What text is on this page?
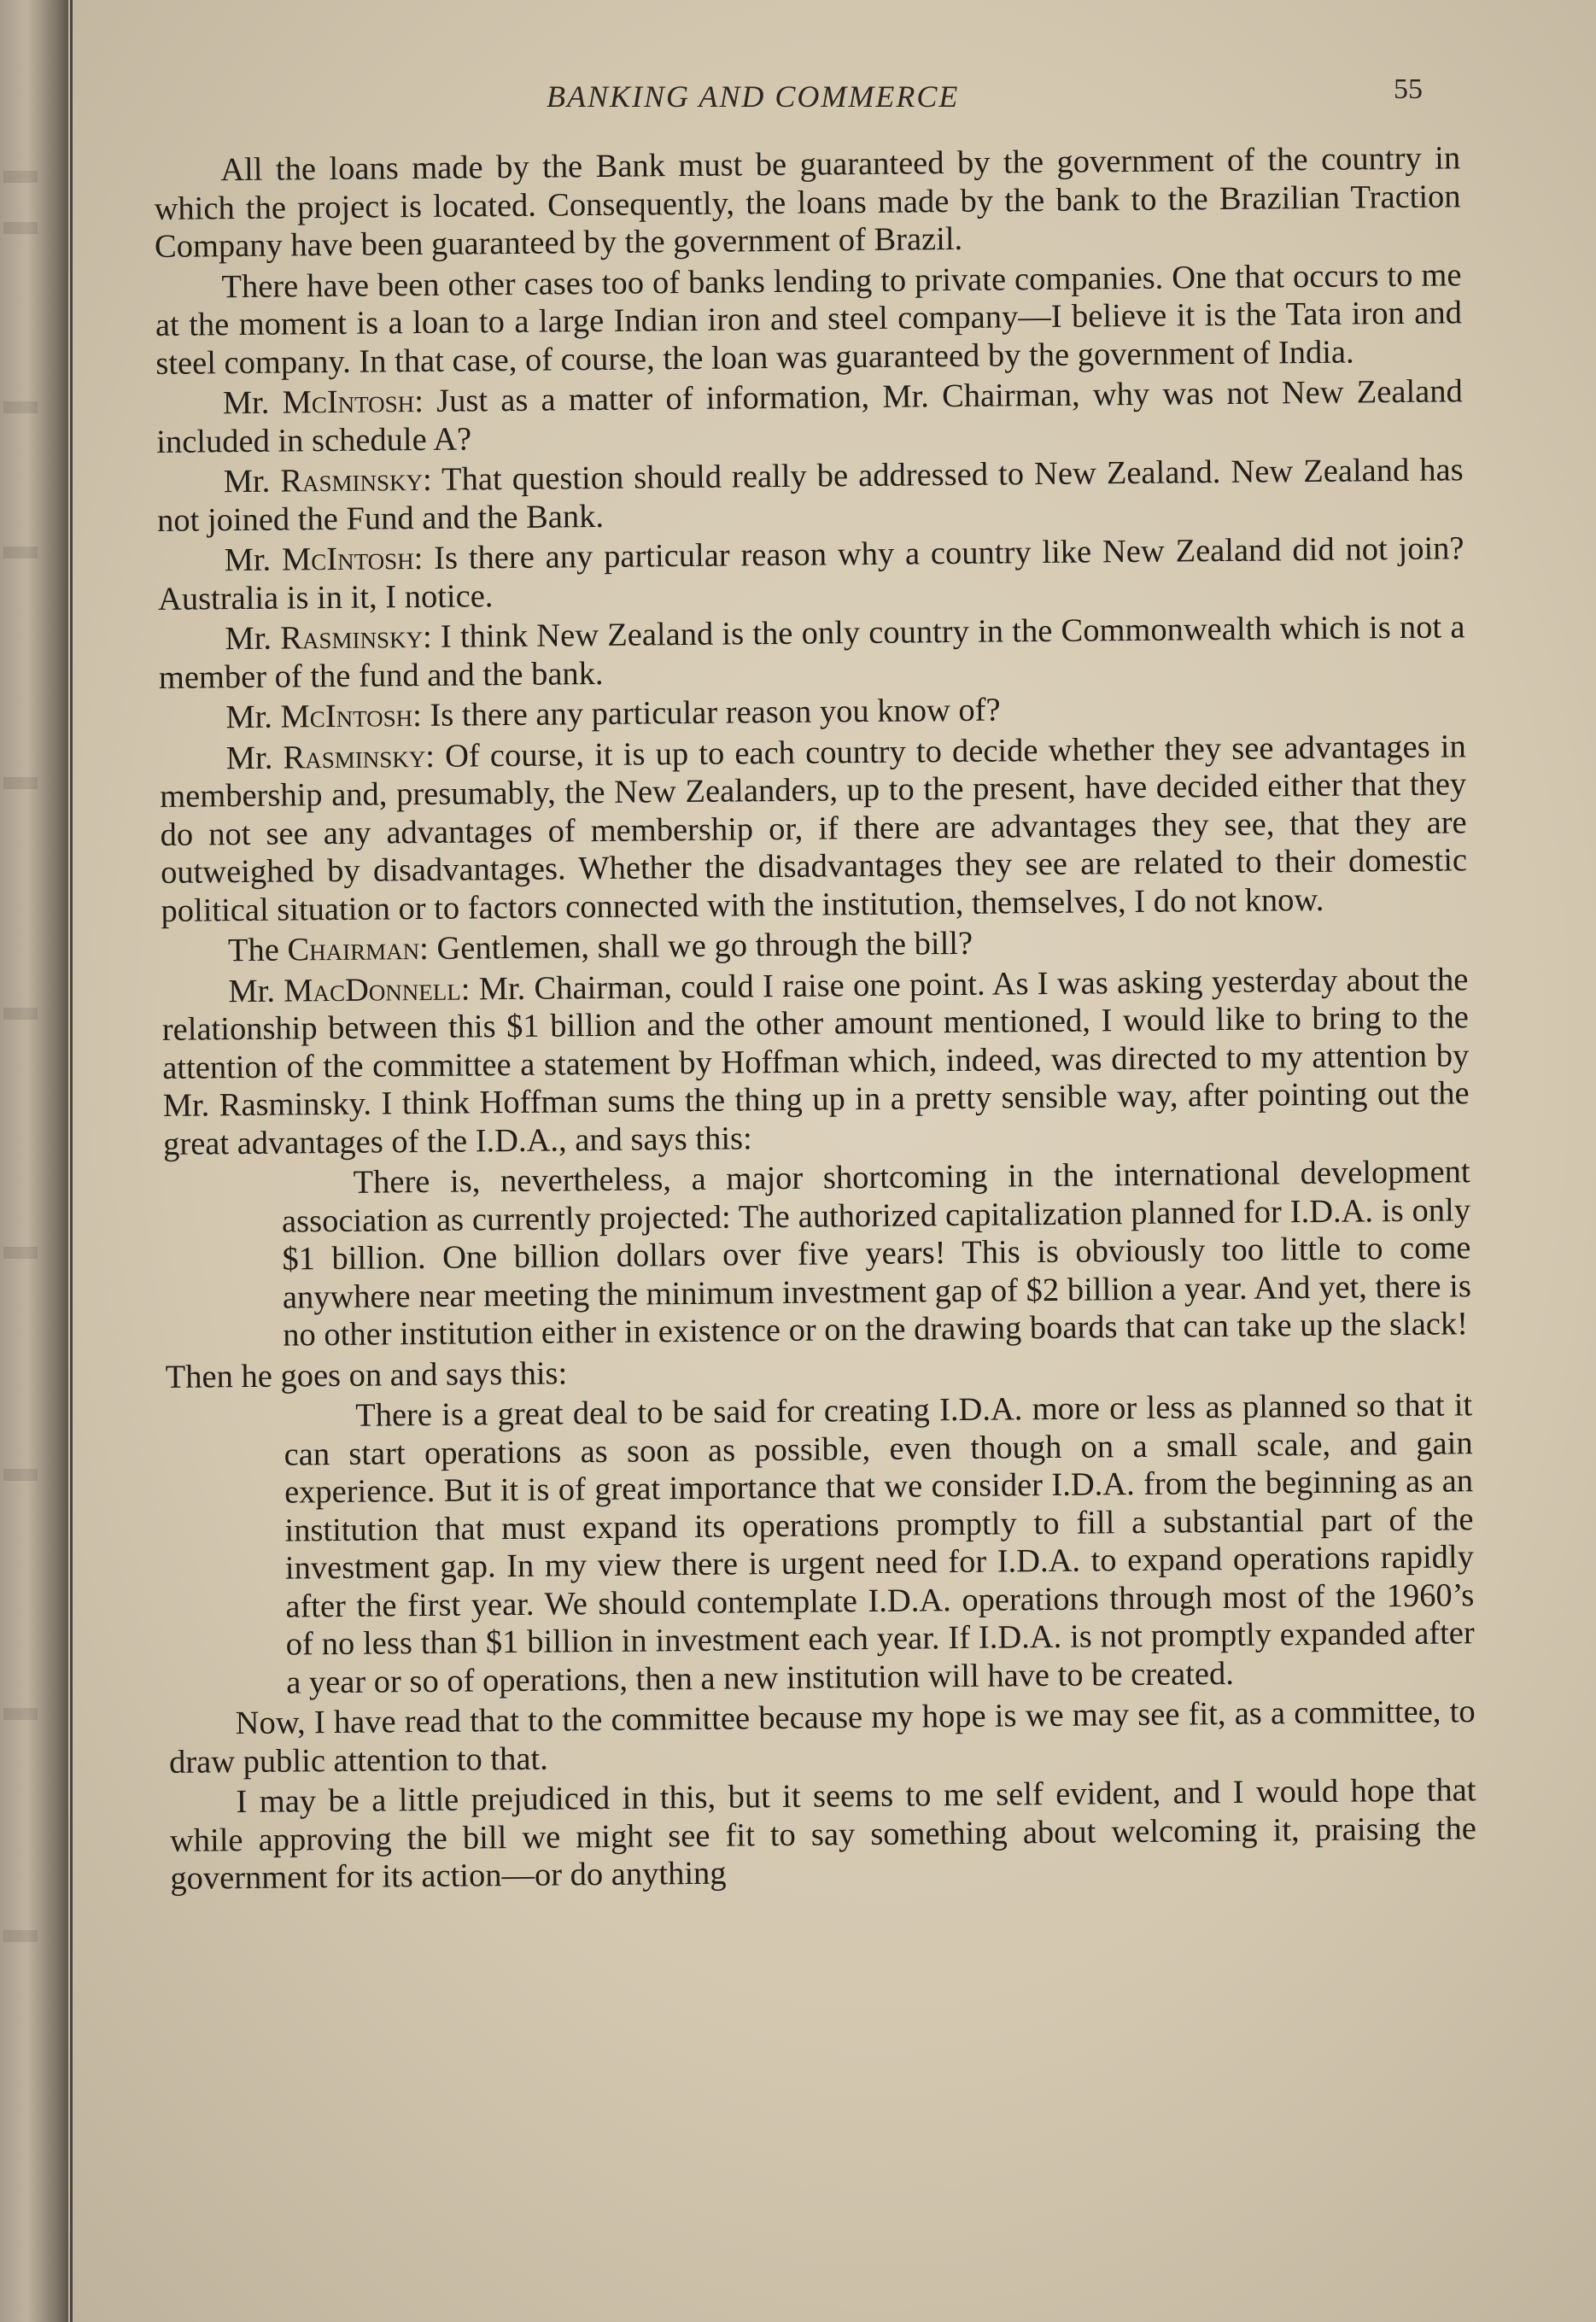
BANKING AND COMMERCE	55

All the loans made by the Bank must be guaranteed by the government of the country in which the project is located. Consequently, the loans made by the bank to the Brazilian Traction Company have been guaranteed by the government of Brazil.

There have been other cases too of banks lending to private companies. One that occurs to me at the moment is a loan to a large Indian iron and steel company—I believe it is the Tata iron and steel company. In that case, of course, the loan was guaranteed by the government of India.

Mr. McIntosh: Just as a matter of information, Mr. Chairman, why was not New Zealand included in schedule A?

Mr. Rasminsky: That question should really be addressed to New Zealand. New Zealand has not joined the Fund and the Bank.

Mr. McIntosh: Is there any particular reason why a country like New Zealand did not join? Australia is in it, I notice.

Mr. Rasminsky: I think New Zealand is the only country in the Commonwealth which is not a member of the fund and the bank.

Mr. McIntosh: Is there any particular reason you know of?

Mr. Rasminsky: Of course, it is up to each country to decide whether they see advantages in membership and, presumably, the New Zealanders, up to the present, have decided either that they do not see any advantages of membership or, if there are advantages they see, that they are outweighed by disadvantages. Whether the disadvantages they see are related to their domestic political situation or to factors connected with the institution, themselves, I do not know.

The Chairman: Gentlemen, shall we go through the bill?

Mr. MacDonnell: Mr. Chairman, could I raise one point. As I was asking yesterday about the relationship between this $1 billion and the other amount mentioned, I would like to bring to the attention of the committee a statement by Hoffman which, indeed, was directed to my attention by Mr. Rasminsky. I think Hoffman sums the thing up in a pretty sensible way, after pointing out the great advantages of the I.D.A., and says this:

There is, nevertheless, a major shortcoming in the international development association as currently projected: The authorized capitalization planned for I.D.A. is only $1 billion. One billion dollars over five years! This is obviously too little to come anywhere near meeting the minimum investment gap of $2 billion a year. And yet, there is no other institution either in existence or on the drawing boards that can take up the slack!

Then he goes on and says this:

There is a great deal to be said for creating I.D.A. more or less as planned so that it can start operations as soon as possible, even though on a small scale, and gain experience. But it is of great importance that we consider I.D.A. from the beginning as an institution that must expand its operations promptly to fill a substantial part of the investment gap. In my view there is urgent need for I.D.A. to expand operations rapidly after the first year. We should contemplate I.D.A. operations through most of the 1960’s of no less than $1 billion in investment each year. If I.D.A. is not promptly expanded after a year or so of operations, then a new institution will have to be created.

Now, I have read that to the committee because my hope is we may see fit, as a committee, to draw public attention to that.

I may be a little prejudiced in this, but it seems to me self evident, and I would hope that while approving the bill we might see fit to say something about welcoming it, praising the government for its action—or do anything
